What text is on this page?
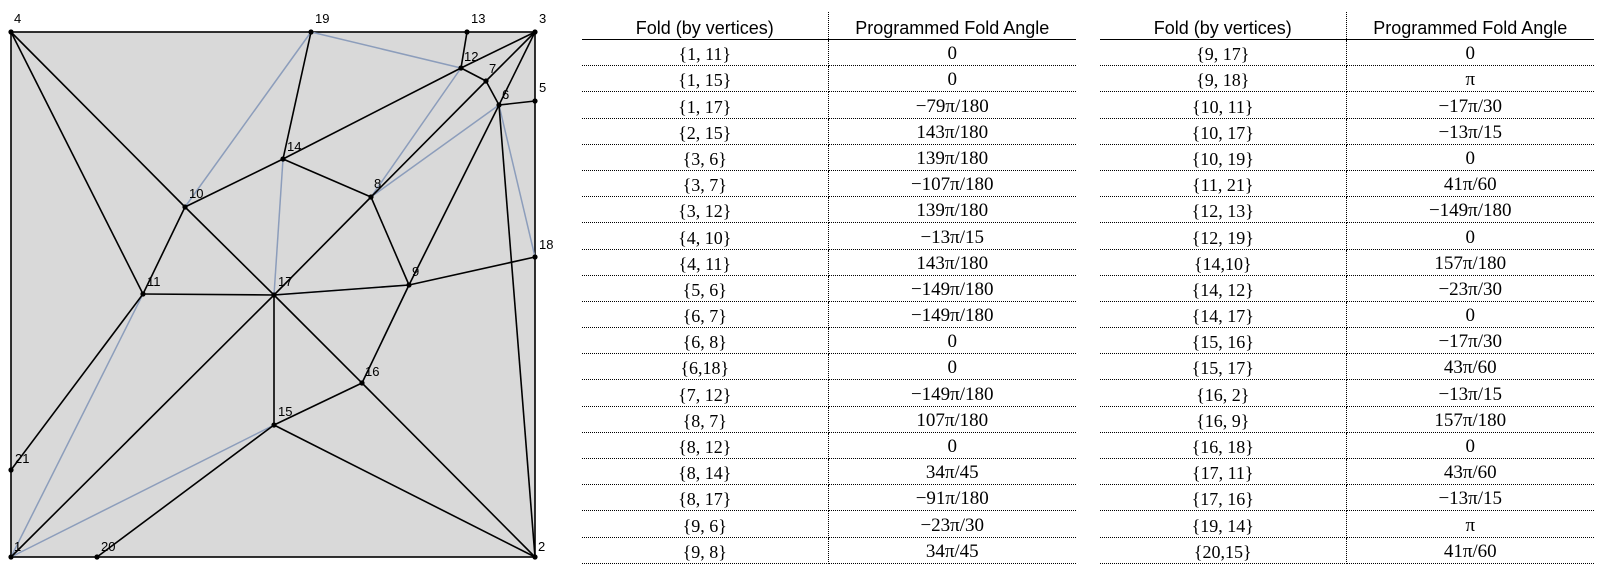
1	2
3
4
5
6
7
8
9
10
11
12
13
14
15
16
17
18
19
20
21
Fold (by vertices)	Programmed Fold Angle
{1, 11}	0
{1, 15}	0
{1, 17}	−79π/180
{2, 15}	143π/180
{3, 6}	139π/180
{3, 7}	−107π/180
{3, 12}	139π/180
{4, 10}	−13π/15
{4, 11}	143π/180
{5, 6}	−149π/180
{6, 7}	−149π/180
{6, 8}	0
{6,18}	0
{7, 12}	−149π/180
{8, 7}	107π/180
{8, 12}	0
{8, 14}	34π/45
{8, 17}	−91π/180
{9, 6}	−23π/30
{9, 8}	34π/45
Fold (by vertices)	Programmed Fold Angle
{9, 17}	0
{9, 18}	π
{10, 11}	−17π/30
{10, 17}	−13π/15
{10, 19}	0
{11, 21}	41π/60
{12, 13}	−149π/180
{12, 19}	0
{14,10}	157π/180
{14, 12}	−23π/30
{14, 17}	0
{15, 16}	−17π/30
{15, 17}	43π/60
{16, 2}	−13π/15
{16, 9}	157π/180
{16, 18}	0
{17, 11}	43π/60
{17, 16}	−13π/15
{19, 14}	π
{20,15}	41π/60
